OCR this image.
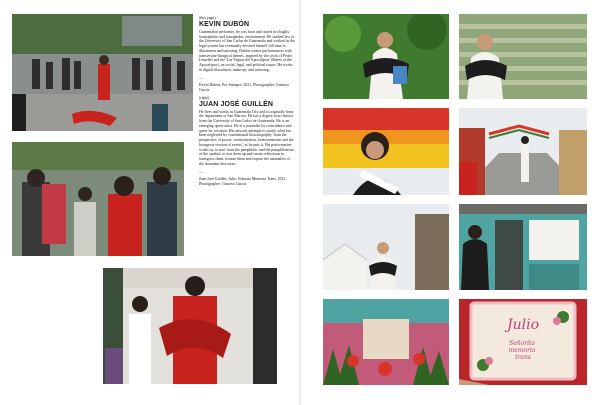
(this page)
KEVIN DUBÓN
Guatemalan performer, he was born and raised in a highly homophobic and transphobic environment. He studied law at the University of San Carlos de Guatemala and worked in the legal system but eventually devoted himself full time to illustration and tattooing. Dubón creates performances with transvestite liturgical themes, inspired by the work of Pedro Lemebel and the 'Las Yeguas del Apocalipsis' (Mares of the Apocalypse), on social, legal, and political issues. He works in digital illustration, make-up, and tattooing.
—
Kevin Dubón, Por Siempre, 2021, Photographer: Gustavo García
(right)
JUAN JOSÉ GUILLÉN
He lives and works in Guatemala City and is originally from the department of San Marcos. He has a degree in art history from the University of San Carlos de Guatemala. He is an emerging queer artist. He is a journalist by coincidence and queer by vocation. His artwork attempts to justify what has been neglected by conventional historiography 'from the perspective of power, westernization, heterocentrism and the bourgeois version of events', as he puts it. His performative works try to start from the pamphletic and the pamphletarian of the symbol, to tear them up and create reflections to transgress them, ironize them and expose the anomalies of the dominant discourse.
—
Juan José Guillén, Julio, Señorita Memoria Trans, 2021, Photographer: Gustavo García
Julio
Señorita memoria trans
